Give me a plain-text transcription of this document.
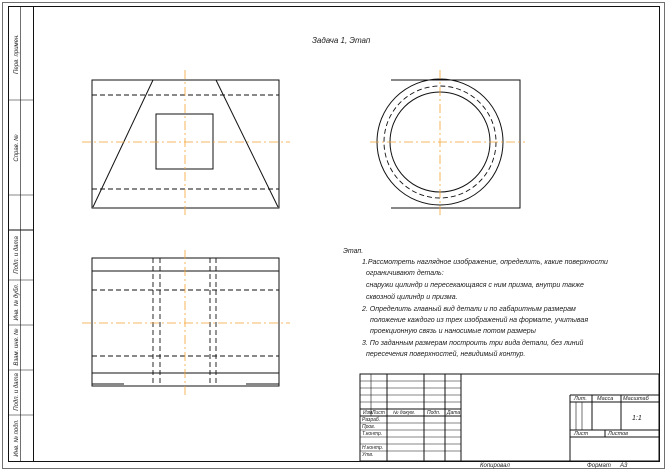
Перв. примен.
Справ. №
Подп. и дата
Инв. № дубл.
Взам. инв. №
Подп. и дата
Инв. № подл.
Задача 1, Этап
Этап.
1.Рассмотреть наглядное изображение, определить, какие поверхности
ограничивают деталь:
снаружи цилиндр и пересекающаяся с ним призма, внутри также
сквозной цилиндр и призма.
2. Определить главный вид детали и по габаритным размерам
положение каждого из трех изображений на формате, учитывая
проекционную связь и наносимые потом размеры
3. По заданным размерам построить три вида детали, без линий
пересечения поверхностей, невидимый контур.
Изм.
Лист № докум. Подп. Дата
Разраб.
Пров.
Т.контр.
Н.контр.
Утв.
Лит. Масса Масштаб
1:1
Лист	Листов
Копировал	Формат А3
